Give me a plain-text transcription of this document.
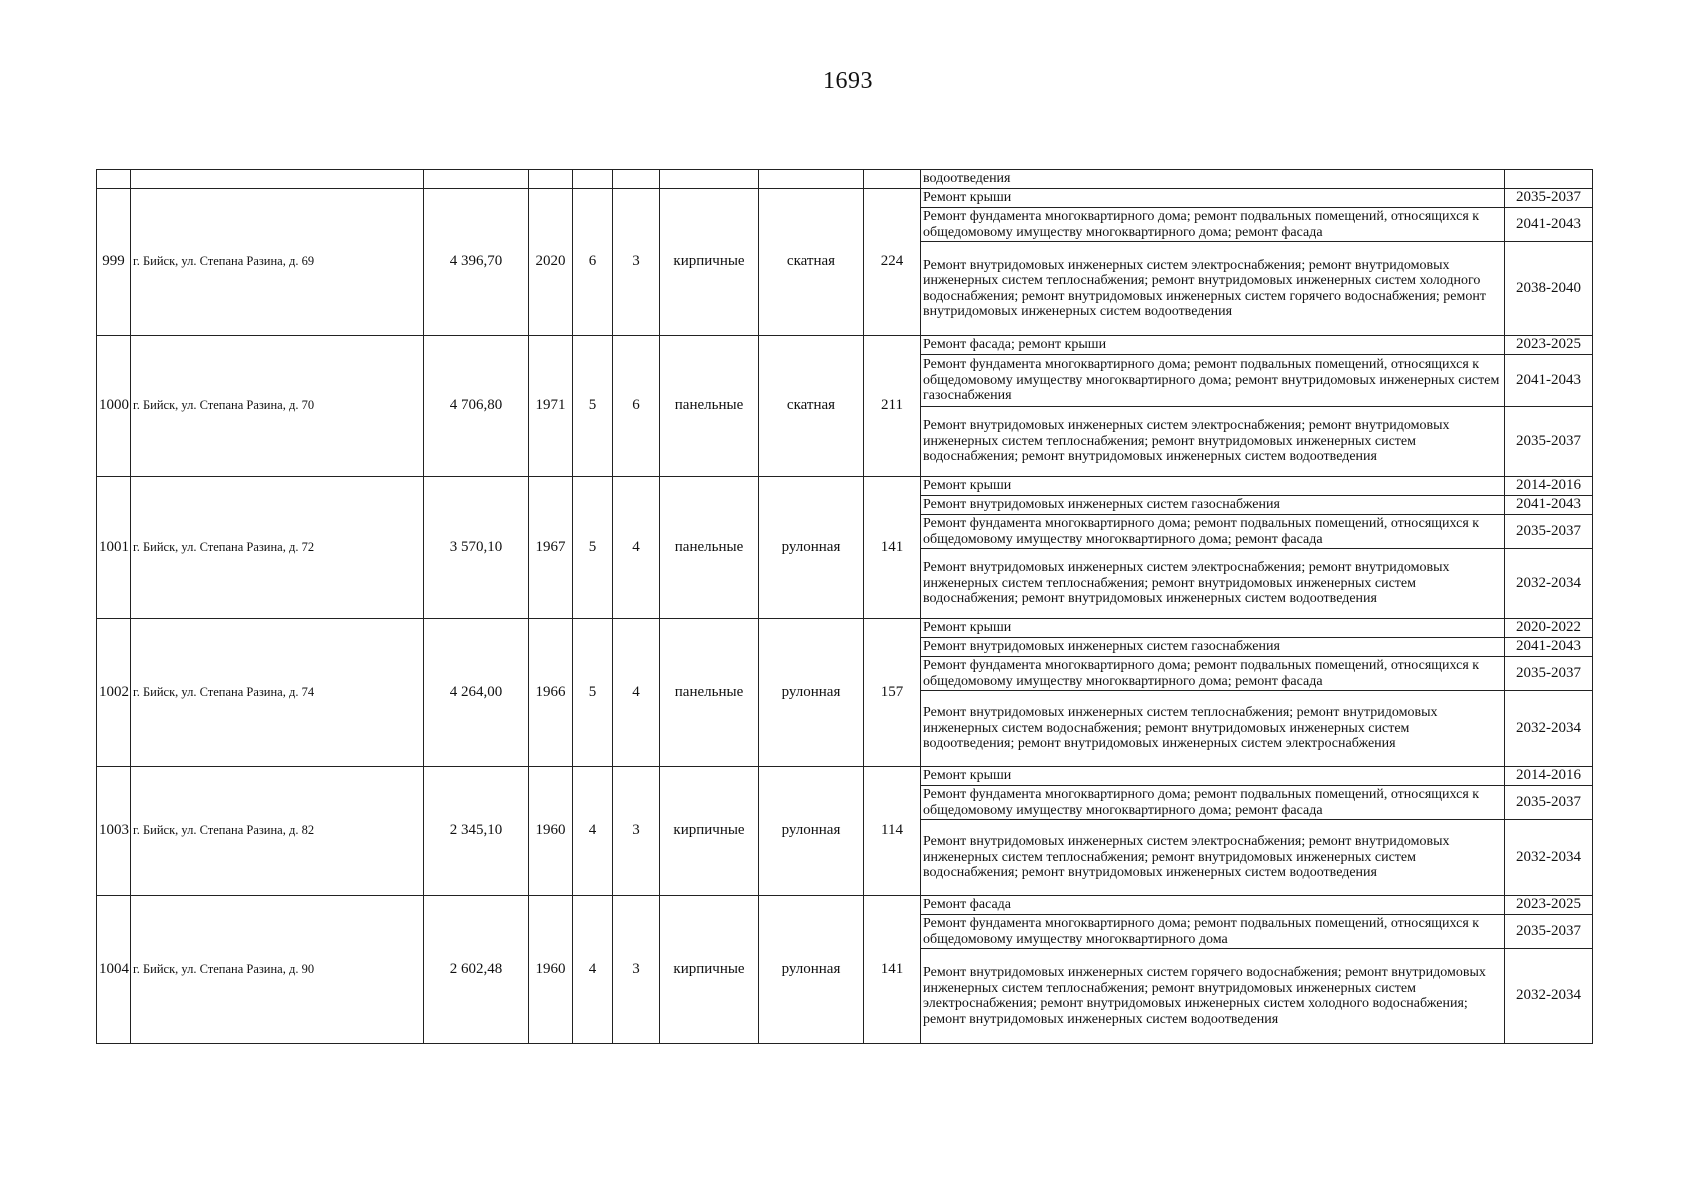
1693
									водоотведения	
999	г. Бийск, ул. Степана Разина, д. 69	4 396,70	2020	6	3	кирпичные	скатная	224	Ремонт крыши	2035-2037
									Ремонт фундамента многоквартирного дома; ремонт подвальных помещений, относящихся к общедомовому имуществу многоквартирного дома; ремонт фасада	2041-2043
									Ремонт внутридомовых инженерных систем электроснабжения; ремонт внутридомовых инженерных систем теплоснабжения; ремонт внутридомовых инженерных систем холодного водоснабжения; ремонт внутридомовых инженерных систем горячего водоснабжения; ремонт внутридомовых инженерных систем водоотведения	2038-2040
1000	г. Бийск, ул. Степана Разина, д. 70	4 706,80	1971	5	6	панельные	скатная	211	Ремонт фасада; ремонт крыши	2023-2025
									Ремонт фундамента многоквартирного дома; ремонт подвальных помещений, относящихся к общедомовому имуществу многоквартирного дома; ремонт внутридомовых инженерных систем газоснабжения	2041-2043
									Ремонт внутридомовых инженерных систем электроснабжения; ремонт внутридомовых инженерных систем теплоснабжения; ремонт внутридомовых инженерных систем водоснабжения; ремонт внутридомовых инженерных систем водоотведения	2035-2037
1001	г. Бийск, ул. Степана Разина, д. 72	3 570,10	1967	5	4	панельные	рулонная	141	Ремонт крыши	2014-2016
									Ремонт внутридомовых инженерных систем газоснабжения	2041-2043
									Ремонт фундамента многоквартирного дома; ремонт подвальных помещений, относящихся к общедомовому имуществу многоквартирного дома; ремонт фасада	2035-2037
									Ремонт внутридомовых инженерных систем электроснабжения; ремонт внутридомовых инженерных систем теплоснабжения; ремонт внутридомовых инженерных систем водоснабжения; ремонт внутридомовых инженерных систем водоотведения	2032-2034
1002	г. Бийск, ул. Степана Разина, д. 74	4 264,00	1966	5	4	панельные	рулонная	157	Ремонт крыши	2020-2022
									Ремонт внутридомовых инженерных систем газоснабжения	2041-2043
									Ремонт фундамента многоквартирного дома; ремонт подвальных помещений, относящихся к общедомовому имуществу многоквартирного дома; ремонт фасада	2035-2037
									Ремонт внутридомовых инженерных систем теплоснабжения; ремонт внутридомовых инженерных систем водоснабжения; ремонт внутридомовых инженерных систем водоотведения; ремонт внутридомовых инженерных систем электроснабжения	2032-2034
1003	г. Бийск, ул. Степана Разина, д. 82	2 345,10	1960	4	3	кирпичные	рулонная	114	Ремонт крыши	2014-2016
									Ремонт фундамента многоквартирного дома; ремонт подвальных помещений, относящихся к общедомовому имуществу многоквартирного дома; ремонт фасада	2035-2037
									Ремонт внутридомовых инженерных систем электроснабжения; ремонт внутридомовых инженерных систем теплоснабжения; ремонт внутридомовых инженерных систем водоснабжения; ремонт внутридомовых инженерных систем водоотведения	2032-2034
1004	г. Бийск, ул. Степана Разина, д. 90	2 602,48	1960	4	3	кирпичные	рулонная	141	Ремонт фасада	2023-2025
									Ремонт фундамента многоквартирного дома; ремонт подвальных помещений, относящихся к общедомовому имуществу многоквартирного дома	2035-2037
									Ремонт внутридомовых инженерных систем горячего водоснабжения; ремонт внутридомовых инженерных систем теплоснабжения; ремонт внутридомовых инженерных систем электроснабжения; ремонт внутридомовых инженерных систем холодного водоснабжения; ремонт внутридомовых инженерных систем водоотведения	2032-2034
